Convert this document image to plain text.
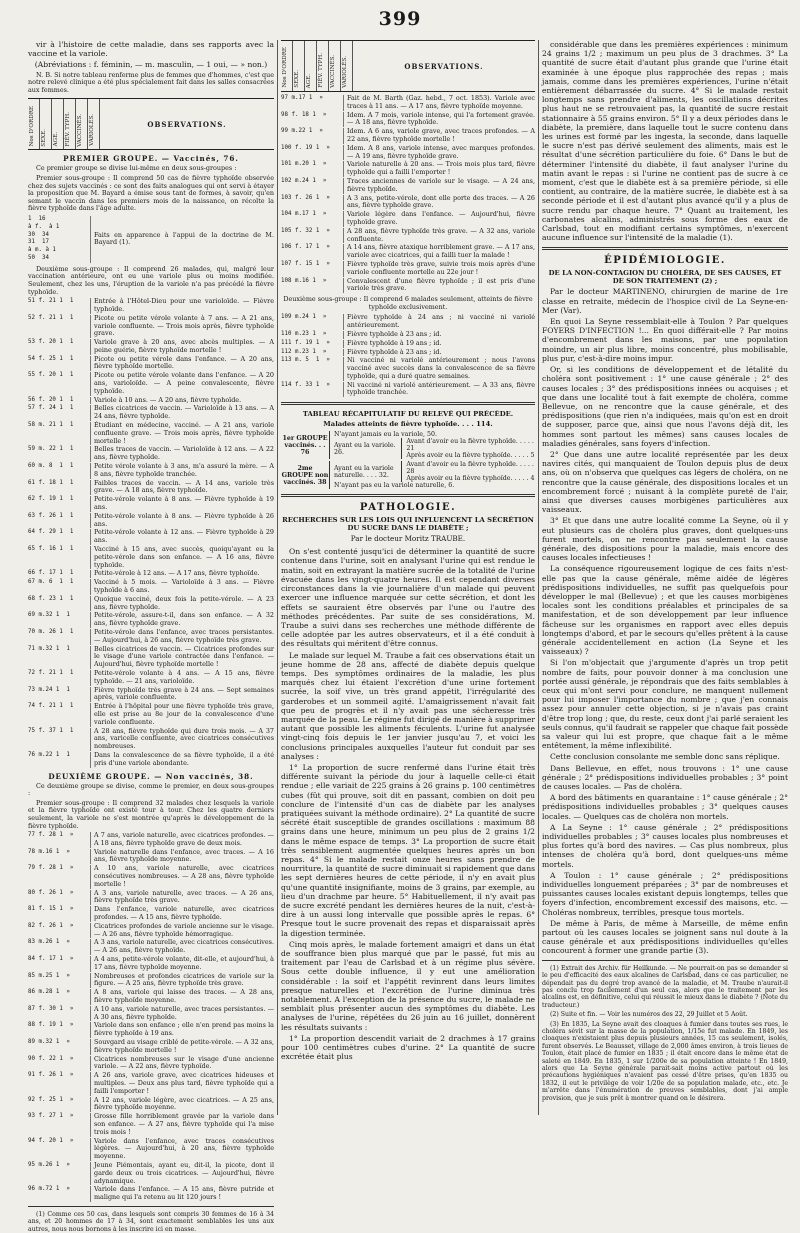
399

vir à l'histoire de cette maladie, dans ses rapports avec la vaccine et la variole.

(Abréviations : f. féminin, — m. masculin, — 1 oui, — » non.)

N. B. Si notre tableau renferme plus de femmes que d'hommes, c'est que notre relevé clinique a été plus spécialement fait dans les salles consacrées aux femmes.

Nos D'ORDRE SEXE. AGE. FIÈV. TYPH. VACCINÉS. VARIOLÉS.	OBSERVATIONS.
PREMIER GROUPE. — Vaccinés, 76.

Ce premier groupe se divise lui-même en deux sous-groupes :

Premier sous-groupe : Il comprend 50 cas de fièvre typhoïde observée chez des sujets vaccinés : ce sont des faits analogues qui ont servi à étayer la proposition que M. Bayard a émise sous tant de formes, à savoir, qu'en semant le vaccin dans les premiers mois de la naissance, on récolte la fièvre typhoïde dans l'âge adulte.

1  16
à f.  à 1
30  34
31  17
à m. à 1
50  34
Faits en apparence à l'appui de la doctrine de M. Bayard (1).

Deuxième sous-groupe : Il comprend 26 malades, qui, malgré leur vaccination antérieure, ont eu une variole plus ou moins modifiée. Seulement, chez les uns, l'éruption de la variole n'a pas précédé la fièvre typhoïde.

51 f. 21 1  1	Entrée à l'Hôtel-Dieu pour une varioloïde. — Fièvre typhoïde.
52 f. 21 1  1	Picote ou petite vérole volante à 7 ans. — A 21 ans, variole confluente. — Trois mois après, fièvre typhoïde grave.
53 f. 20 1  1	Variole grave à 20 ans, avec abcès multiples. — A peine guérie, fièvre typhoïde mortelle !
54 f. 25 1  1	Picote ou petite vérole dans l'enfance. — A 20 ans, fièvre typhoïde mortelle.
55 f. 20 1  1	Picote ou petite vérole volante dans l'enfance. — A 20 ans, varioloïde. — A peine convalescente, fièvre typhoïde.
56 f. 20 1  1	Variole à 10 ans. — A 20 ans, fièvre typhoïde.
57 f. 24 1  1	Belles cicatrices de vaccin. — Varioloïde à 13 ans. — A 24 ans, fièvre typhoïde.
58 m. 21 1  1	Étudiant en médecine, vacciné. — A 21 ans, variole confluente grave. — Trois mois après, fièvre typhoïde mortelle !
59 m. 22 1  1	Belles traces de vaccin. — Varioloïde à 12 ans. — A 22 ans, fièvre typhoïde.
60 m. 8  1  1	Petite vérole volante à 3 ans, m'a assuré la mère. — A 8 ans, fièvre typhoïde tranchée.
61 f. 18 1  1	Faibles traces de vaccin. — A 14 ans, variole très grave. — A 18 ans, fièvre typhoïde.
62 f. 19 1  1	Petite-vérole volante à 8 ans. — Fièvre typhoïde à 19 ans.
63 f. 26 1  1	Petite-vérole volante à 8 ans. — Fièvre typhoïde à 26 ans.
64 f. 29 1  1	Petite-vérole volante à 12 ans. — Fièvre typhoïde à 29 ans.
65 f. 16 1  1	Vacciné à 15 ans, avec succès, quoiqu'ayant eu la petite-vérole dans son enfance. — A 16 ans, fièvre typhoïde.
66 f. 17 1  1	Petite-vérole à 12 ans. — A 17 ans, fièvre typhoïde.
67 m. 6  1  1	Vacciné à 5 mois. — Varioloïde à 3 ans. — Fièvre typhoïde à 6 ans.
68 f. 23 1  1	Quoique vacciné, deux fois la petite-vérole. — A 23 ans, fièvre typhoïde.
69 m.32 1  1	Petite-vérole, assure-t-il, dans son enfance. — A 32 ans, fièvre typhoïde grave.
70 m. 26 1  1	Petite-vérole dans l'enfance, avec traces persistantes. — Aujourd'hui, à 26 ans, fièvre typhoïde très grave.
71 m.32 1  1	Belles cicatrices de vaccin. — Cicatrices profondes sur le visage d'une variole contractée dans l'enfance. — Aujourd'hui, fièvre typhoïde mortelle !
72 f. 21 1  1	Petite-vérole volante à 4 ans. — A 15 ans, fièvre typhoïde. — 21 ans, varioloïde.
73 m.24 1  1	Fièvre typhoïde très grave à 24 ans. — Sept semaines après, variole confluente.
74 f. 21 1  1	Entrée à l'hôpital pour une fièvre typhoïde très grave, elle est prise au 8e jour de la convalescence d'une variole confluente.
75 f. 37 1  1	A 28 ans, fièvre typhoïde qui dure trois mois. — A 37 ans, varicelle confluente, avec cicatrices consécutives nombreuses.
76 m.22 1  1	Dans la convalescence de sa fièvre typhoïde, il a été pris d'une variole abondante.
DEUXIÈME GROUPE. — Non vaccinés, 38.

Ce deuxième groupe se divise, comme le premier, en deux sous-groupes :

Premier sous-groupe : Il comprend 32 malades chez lesquels la variole et la fièvre typhoïde ont existé tour à tour. Chez les quatre derniers seulement, la variole ne s'est montrée qu'après le développement de la fièvre typhoïde.

77 f. 28 1  »	A 7 ans, variole naturelle, avec cicatrices profondes. — A 18 ans, fièvre typhoïde grave de deux mois.
78 m.16 1  »	Variole naturelle dans l'enfance, avec traces. — A 16 ans, fièvre typhoïde moyenne.
79 f. 28 1  »	A 10 ans, variole naturelle, avec cicatrices consécutives nombreuses. — A 28 ans, fièvre typhoïde mortelle !
80 f. 26 1  »	A 3 ans, variole naturelle, avec traces. — A 26 ans, fièvre typhoïde très grave.
81 f. 15 1  »	Dans l'enfance, variole naturelle, avec cicatrices profondes. — A 15 ans, fièvre typhoïde.
82 f. 26 1  »	Cicatrices profondes de variole ancienne sur le visage. — A 26 ans, fièvre typhoïde hémorragique.
83 m.26 1  »	A 3 ans, variole naturelle, avec cicatrices consécutives. — A 26 ans, fièvre typhoïde.
84 f. 17 1  »	A 4 ans, petite-vérole volante, dit-elle, et aujourd'hui, à 17 ans, fièvre typhoïde moyenne.
85 m.25 1  »	Nombreuses et profondes cicatrices de variole sur la figure. — A 25 ans, fièvre typhoïde très grave.
86 m.28 1  »	A 8 ans, variole qui laisse des traces. — A 28 ans, fièvre typhoïde moyenne.
87 f. 30 1  »	A 10 ans, variole naturelle, avec traces persistantes. — A 30 ans, fièvre typhoïde.
88 f. 19 1  »	Variole dans son enfance ; elle n'en prend pas moins la fièvre typhoïde à 19 ans.
89 m.32 1  »	Souvgard au visage criblé de petite-vérole. — A 32 ans, fièvre typhoïde mortelle !
90 f. 22 1  »	Cicatrices nombreuses sur le visage d'une ancienne variole. — A 22 ans, fièvre typhoïde.
91 f. 26 1  »	A 26 ans, variole grave, avec cicatrices hideuses et multiples. — Deux ans plus tard, fièvre typhoïde qui a failli l'emporter !
92 f. 25 1  »	A 12 ans, variole légère, avec cicatrices. — A 25 ans, fièvre typhoïde moyenne.
93 f. 27 1  »	Grosse fille horriblement gravée par la variole dans son enfance. — A 27 ans, fièvre typhoïde qui l'a mise trois mois !
94 f. 20 1  »	Variole dans l'enfance, avec traces consécutives légères. — Aujourd'hui, à 20 ans, fièvre typhoïde moyenne.
95 m.26 1  »	Jeune Piémontais, ayant eu, dit-il, la picote, dont il garde deux ou trois cicatrices. — Aujourd'hui, fièvre adynamique.
96 m.72 1  »	Variole dans l'enfance. — A 15 ans, fièvre putride et maligne qui l'a retenu au lit 120 jours !

(1) Comme ces 50 cas, dans lesquels sont compris 30 femmes de 16 à 34 ans, et 20 hommes de 17 à 34, sont exactement semblables les uns aux autres, nous nous bornons à les inscrire ici en masse.

Nos D'ORDRE SEXE. AGE. FIÈV. TYPH. VACCINÉS. VARIOLÉS.	OBSERVATIONS.
97 m.17 1  »	Fait de M. Barth (Gaz. hebd., 7 oct. 1853). Variole avec traces à 11 ans. — A 17 ans, fièvre typhoïde moyenne.
98 f. 18 1  »	Idem. A 7 mois, variole intense, qui l'a fortement gravée. — A 18 ans, fièvre typhoïde.
99 m.22 1  »	Idem. A 6 ans, variole grave, avec traces profondes. — A 22 ans, fièvre typhoïde mortelle !
100 f. 19 1  »	Idem. A 8 ans, variole intense, avec marques profondes. — A 19 ans, fièvre typhoïde grave.
101 m.20 1  »	Variole naturelle à 20 ans. — Trois mois plus tard, fièvre typhoïde qui a failli l'emporter !
102 m.24 1  »	Traces anciennes de variole sur le visage. — A 24 ans, fièvre typhoïde.
103 f. 26 1  »	A 3 ans, petite-vérole, dont elle porte des traces. — A 26 ans, fièvre typhoïde grave.
104 m.17 1  »	Variole légère dans l'enfance. — Aujourd'hui, fièvre typhoïde grave.
105 f. 32 1  »	A 28 ans, fièvre typhoïde très grave. — A 32 ans, variole confluente.
106 f. 17 1  »	A 14 ans, fièvre ataxique horriblement grave. — A 17 ans, variole avec cicatrices, qui a failli tuer la malade !
107 f. 15 1  »	Fièvre typhoïde très grave, suivie trois mois après d'une variole confluente mortelle au 22e jour !
108 m.16 1  »	Convalescent d'une fièvre typhoïde ; il est pris d'une variole très grave.

Deuxième sous-groupe : Il comprend 6 malades seulement, atteints de fièvre typhoïde exclusivement.

109 m.24 1  »	Fièvre typhoïde à 24 ans ; ni vacciné ni variolé antérieurement.
110 m.23 1  »	Fièvre typhoïde à 23 ans ; id.
111 f. 19 1  »	Fièvre typhoïde à 19 ans ; id.
112 m.23 1  »	Fièvre typhoïde à 23 ans ; id.
113 m. 5  1  »	Ni vacciné ni variolé antérieurement ; nous l'avons vacciné avec succès dans la convalescence de sa fièvre typhoïde, qui a duré quatre semaines.
114 f. 33 1  »	Ni vacciné ni variolé antérieurement. — A 33 ans, fièvre typhoïde tranchée.
TABLEAU RÉCAPITULATIF DU RELEVÉ QUI PRÉCÈDE.
Malades atteints de fièvre typhoïde. . . . 114.
1er GROUPE vaccinés. . . 76
N'ayant jamais eu la variole, 50.
Ayant eu la variole. 26.
Avant d'avoir eu la fièvre typhoïde. . . . . 21
Après avoir eu la fièvre typhoïde. . . . . 5
2me GROUPE non vaccinés. 38
Ayant eu la variole naturelle. . . . 32.
Avant d'avoir eu la fièvre typhoïde. . . . . 28
Après avoir eu la fièvre typhoïde. . . . . 4
N'ayant pas eu la variole naturelle, 6.
PATHOLOGIE.
RECHERCHES SUR LES LOIS QUI INFLUENCENT LA SÉCRÉTION DU SUCRE DANS LE DIABÈTE ;
Par le docteur Moritz TRAUBE.

On s'est contenté jusqu'ici de déterminer la quantité de sucre contenue dans l'urine, soit en analysant l'urine qui est rendue le matin, soit en extrayant la matière sucrée de la totalité de l'urine évacuée dans les vingt-quatre heures. Il est cependant diverses circonstances dans la vie journalière d'un malade qui peuvent exercer une influence marquée sur cette sécrétion, et dont les effets se sauraient être observés par l'une ou l'autre des méthodes précédentes. Par suite de ses considérations, M. Traube a suivi dans ses recherches une méthode différente de celle adoptée par les autres observateurs, et il a été conduit à des résultats qui méritent d'être connus.

Le malade sur lequel M. Traube a fait ces observations était un jeune homme de 28 ans, affecté de diabète depuis quelque temps. Des symptômes ordinaires de la maladie, les plus marqués chez lui étaient l'excrétion d'une urine fortement sucrée, la soif vive, un très grand appétit, l'irrégularité des garderobes et un sommeil agité. L'amaigrissement n'avait fait que peu de progrès et il n'y avait pas une sécheresse très marquée de la peau. Le régime fut dirigé de manière à supprimer autant que possible les aliments féculents. L'urine fut analysée vingt-cinq fois depuis le 1er janvier jusqu'au 7, et voici les conclusions principales auxquelles l'auteur fut conduit par ses analyses :

1° La proportion de sucre renfermé dans l'urine était très différente suivant la période du jour à laquelle celle-ci était rendue ; elle variait de 225 grains à 26 grains p. 100 centimètres cubes (fût qui prouve, soit dit en passant, combien on doit peu conclure de l'intensité d'un cas de diabète par les analyses pratiquées suivant la méthode ordinaire). 2° La quantité de sucre sécrété était susceptible de grandes oscillations : maximum 88 grains dans une heure, minimum un peu plus de 2 grains 1/2 dans le même espace de temps. 3° La proportion de sucre était très sensiblement augmentée quelques heures après un bon repas. 4° Si le malade restait onze heures sans prendre de nourriture, la quantité de sucre diminuait si rapidement que dans les sept dernières heures de cette période, il n'y en avait plus qu'une quantité insignifiante, moins de 3 grains, par exemple, au lieu d'un drachme par heure. 5° Habituellement, il n'y avait pas de sucre excrété pendant les dernières heures de la nuit, c'est-à-dire à un aussi long intervalle que possible après le repas. 6° Presque tout le sucre provenait des repas et disparaissait après la digestion terminée.

Cinq mois après, le malade fortement amaigri et dans un état de souffrance bien plus marqué que par le passé, fut mis au traitement par l'eau de Carlsbad et à un régime plus sévère. Sous cette double influence, il y eut une amélioration considérable : la soif et l'appétit revinrent dans leurs limites presque naturelles et l'excrétion de l'urine diminua très notablement. A l'exception de la présence du sucre, le malade ne semblait plus présenter aucun des symptômes du diabète. Les analyses de l'urine, répétées du 26 juin au 16 juillet, donnèrent les résultats suivants :

1° La proportion descendit variait de 2 drachmes à 17 grains pour 100 centimètres cubes d'urine. 2° La quantité de sucre excrétée était plus

considérable que dans les premières expériences : minimum 24 grains 1/2 ; maximum un peu plus de 3 drachmes. 3° La quantité de sucre était d'autant plus grande que l'urine était examinée à une époque plus rapprochée des repas ; mais jamais, comme dans les premières expériences, l'urine n'était entièrement débarrassée du sucre. 4° Si le malade restait longtemps sans prendre d'aliments, les oscillations décrites plus haut ne se retrouvaient pas, la quantité de sucre restait stationnaire à 55 grains environ. 5° Il y a deux périodes dans le diabète, la première, dans laquelle tout le sucre contenu dans les urines est formé par les ingesta, la seconde, dans laquelle le sucre n'est pas dérivé seulement des aliments, mais est le résultat d'une sécrétion particulière du foie. 6° Dans le but de déterminer l'intensité du diabète, il faut analyser l'urine du matin avant le repas : si l'urine ne contient pas de sucre à ce moment, c'est que le diabète est à sa première période, si elle contient, au contraire, de la matière sucrée, le diabète est à sa seconde période et il est d'autant plus avancé qu'il y a plus de sucre rendu par chaque heure. 7° Quant au traitement, les carbonates alcalins, administrés sous forme des eaux de Carlsbad, tout en modifiant certains symptômes, n'exercent aucune influence sur l'intensité de la maladie (1).

ÉPIDÉMIOLOGIE.
DE LA NON-CONTAGION DU CHOLÉRA, DE SES CAUSES, ET DE SON TRAITEMENT (2) ;

Par le docteur MARTINENO, chirurgien de marine de 1re classe en retraite, médecin de l'hospice civil de La Seyne-en-Mer (Var).

En quoi La Seyne ressemblait-elle à Toulon ? Par quelques FOYERS D'INFECTION !... En quoi différait-elle ? Par moins d'encombrement dans les maisons, par une population moindre, un air plus libre, moins concentré, plus mobilisable, plus pur, c'est-à-dire moins impur.

Or, si les conditions de développement et de létalité du choléra sont positivement : 1° une cause générale ; 2° des causes locales ; 3° des prédispositions innées ou acquises ; et que dans une localité tout à fait exempte de choléra, comme Bellevue, on ne rencontre que la cause générale, et des prédispositions (que rien n'a indiquées, mais qu'on est en droit de supposer, parce que, ainsi que nous l'avons déjà dit, les hommes sont partout les mêmes) sans causes locales de maladies générales, sans foyers d'infection.

2° Que dans une autre localité représentée par les deux navires cités, qui manquaient de Toulon depuis plus de deux ans, où on n'observa que quelques cas légers de choléra, on ne rencontre que la cause générale, des dispositions locales et un encombrement forcé ; nuisant à la complète pureté de l'air, ainsi que diverses causes morbigènes particulières aux vaisseaux.

3° Et que dans une autre localité comme La Seyne, où il y eut plusieurs cas de choléra plus graves, dont quelques-uns furent mortels, on ne rencontre pas seulement la cause générale, des dispositions pour la maladie, mais encore des causes locales infectieuses !

La conséquence rigoureusement logique de ces faits n'est-elle pas que la cause générale, même aidée de légères prédispositions individuelles, ne suffit pas quelquefois pour développer le mal (Bellevue) ; et que les causes morbigènes locales sont les conditions préalables et principales de sa manifestation, et de son développement par leur influence fâcheuse sur les organismes en rapport avec elles depuis longtemps d'abord, et par le secours qu'elles prêtent à la cause générale accidentellement en action (La Seyne et les vaisseaux) ?

Si l'on m'objectait que j'argumente d'après un trop petit nombre de faits, pour pouvoir donner à ma conclusion une portée aussi générale, je répondrais que des faits semblables à ceux qui m'ont servi pour conclure, ne manquent nullement pour lui imposer l'importance du nombre ; que j'en connais assez pour annuler cette objection, si je n'avais pas craint d'être trop long ; que, du reste, ceux dont j'ai parlé seraient les seuls connus, qu'il faudrait se rappeler que chaque fait possède sa valeur qui lui est propre, que chaque fait a le même entêtement, la même inflexibilité.

Cette conclusion consolante me semble donc sans réplique.

Dans Bellevue, en effet, nous trouvons : 1° une cause générale ; 2° prédispositions individuelles probables ; 3° point de causes locales. — Pas de choléra.

A bord des bâtiments en quarantaine : 1° cause générale ; 2° prédispositions individuelles probables ; 3° quelques causes locales. — Quelques cas de choléra non mortels.

A La Seyne : 1° cause générale ; 2° prédispositions individuelles probables ; 3° causes locales plus nombreuses et plus fortes qu'à bord des navires. — Cas plus nombreux, plus intenses de choléra qu'à bord, dont quelques-uns même mortels.

A Toulon : 1° cause générale ; 2° prédispositions individuelles longuement préparées ; 3° par de nombreuses et puissantes causes locales existant depuis longtemps, telles que foyers d'infection, encombrement excessif des maisons, etc. — Choléras nombreux, terribles, presque tous mortels.

De même à Paris, de même à Marseille, de même enfin partout où les causes locales se joignent sans nul doute à la cause générale et aux prédispositions individuelles qu'elles concourent à former une grande partie (3).

(1) Extrait des Archiv. für Heilkunde. — Ne pourrait-on pas se demander si le peu d'efficacité des eaux alcalines de Carlsbad, dans ce cas particulier, ne dépendait pas du degré trop avancé de la maladie, et M. Traube n'aurait-il pas conclu trop facilement d'un seul cas, alors que le traitement par les alcalins est, en définitive, celui qui réussit le mieux dans le diabète ? (Note du traducteur.)

(2) Suite et fin. — Voir les numéros des 22, 29 Juillet et 5 Août.

(3) En 1835, La Seyne avait des cloaques à fumier dans toutes ses rues, le choléra sévit sur la masse de la population, 1/15e fut malade. En 1849, les cloaques n'existaient plus depuis plusieurs années, 15 cas seulement, isolés, furent observés. Le Beausset, village de 2,000 âmes environ, à trois lieues de Toulon, était placé de fumier en 1835 ; il était encore dans le même état de saleté en 1849. En 1835, 1 sur 1/200e de sa population atteinte ! En 1849, alors que La Seyne générale parait-sait moins active partout où les précautions hygiéniques n'avaient pas cessé d'être prises, qu'en 1835 ou 1832, il eut le privilège de voir 1/20e de sa population malade, etc., etc. Je m'arrête dans l'énumération de preuves semblables, dont j'ai ample provision, que je suis prêt à montrer quand on le désirera.
